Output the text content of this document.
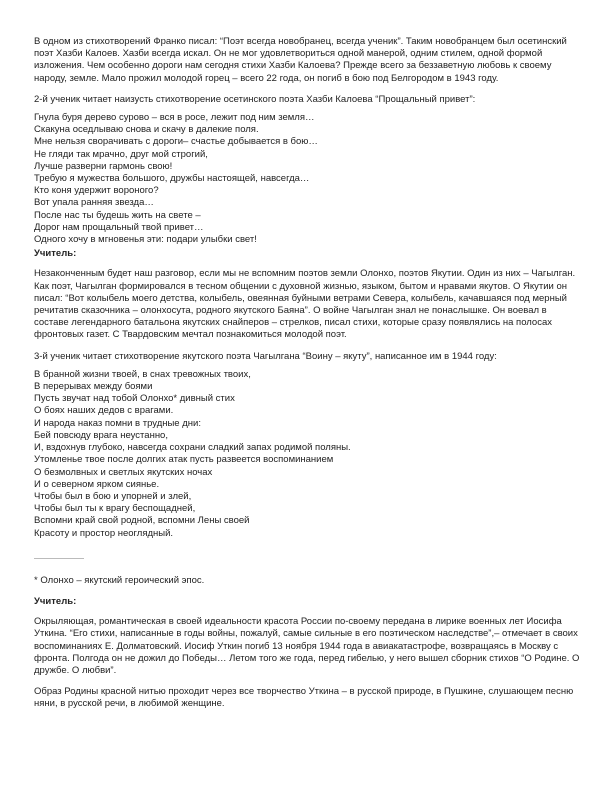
В одном из стихотворений Франко писал: “Поэт всегда новобранец, всегда ученик”. Таким новобранцем был осетинский поэт Хазби Калоев. Хазби всегда искал. Он не мог удовлетвориться одной манерой, одним стилем, одной формой изложения. Чем особенно дороги нам сегодня стихи Хазби Калоева? Прежде всего за беззаветную любовь к своему народу, земле. Мало прожил молодой горец – всего 22 года, он погиб в бою под Белгородом в 1943 году.

2-й ученик читает наизусть стихотворение осетинского поэта Хазби Калоева “Прощальный привет”:

Гнула буря дерево сурово – вся в росе, лежит под ним земля…
Скакуна оседлываю снова и скачу в далекие поля.
Мне нельзя сворачивать с дороги– счастье добывается в бою…
Не гляди так мрачно, друг мой строгий,
Лучше разверни гармонь свою!
Требую я мужества большого, дружбы настоящей, навсегда…
Кто коня удержит вороного?
Вот упала ранняя звезда…
После нас ты будешь жить на свете –
Дорог нам прощальный твой привет…
Одного хочу в мгновенья эти: подари улыбки свет!

Учитель:

Незаконченным будет наш разговор, если мы не вспомним поэтов земли Олонхо, поэтов Якутии. Один из них – Чагылган. Как поэт, Чагылган формировался в тесном общении с духовной жизнью, языком, бытом и нравами якутов. О Якутии он писал: “Вот колыбель моего детства, колыбель, овеянная буйными ветрами Севера, колыбель, качавшаяся под мерный речитатив сказочника – олонхосута, родного якутского Баяна”. О войне Чагылган знал не понаслышке. Он воевал в составе легендарного батальона якутских снайперов – стрелков, писал стихи, которые сразу появлялись на полосах фронтовых газет. С Твардовским мечтал познакомиться молодой поэт.

3-й ученик читает стихотворение якутского поэта Чагылгана “Воину – якуту”, написанное им в 1944 году:

В бранной жизни твоей, в снах тревожных твоих,
В перерывах между боями
Пусть звучат над тобой Олонхо* дивный стих
О боях наших дедов с врагами.
И народа наказ помни в трудные дни:
Бей повсюду врага неустанно,
И, вздохнув глубоко, навсегда сохрани сладкий запах родимой поляны.
Утомленье твое после долгих атак пусть развеется воспоминанием
О безмолвных и светлых якутских ночах
И о северном ярком сиянье.
Чтобы был в бою и упорней и злей,
Чтобы был ты к врагу беспощадней,
Вспомни край свой родной, вспомни Лены своей
Красоту и простор неоглядный.

* Олонхо – якутский героический эпос.

Учитель:

Окрыляющая, романтическая в своей идеальности красота России по-своему передана в лирике военных лет Иосифа Уткина. “Его стихи, написанные в годы войны, пожалуй, самые сильные в его поэтическом наследстве”,– отмечает в своих воспоминаниях Е. Долматовский. Иосиф Уткин погиб 13 ноября 1944 года в авиакатастрофе, возвращаясь в Москву с фронта. Полгода он не дожил до Победы… Летом того же года, перед гибелью, у него вышел сборник стихов “О Родине. О дружбе. О любви”.

Образ Родины красной нитью проходит через все творчество Уткина – в русской природе, в Пушкине, слушающем песню няни, в русской речи, в любимой женщине.
